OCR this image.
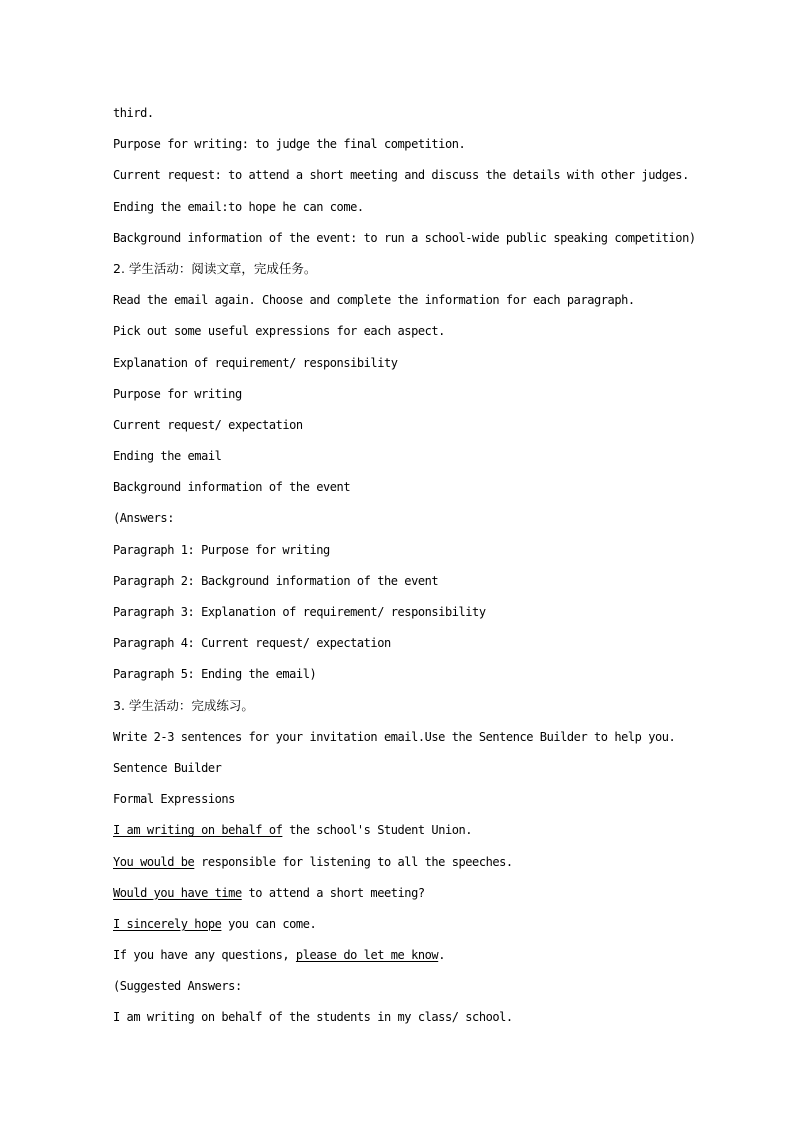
third.
Purpose for writing: to judge the final competition.
Current request: to attend a short meeting and discuss the details with other judges.
Ending the email:to hope he can come.
Background information of the event: to run a school-wide public speaking competition)
2. 学生活动：阅读文章，完成任务。
Read the email again. Choose and complete the information for each paragraph.
Pick out some useful expressions for each aspect.
Explanation of requirement/ responsibility
Purpose for writing
Current request/ expectation
Ending the email
Background information of the event
(Answers:
Paragraph 1: Purpose for writing
Paragraph 2: Background information of the event
Paragraph 3: Explanation of requirement/ responsibility
Paragraph 4: Current request/ expectation
Paragraph 5: Ending the email)
3. 学生活动：完成练习。
Write 2-3 sentences for your invitation email.Use the Sentence Builder to help you.
Sentence Builder
Formal Expressions
I am writing on behalf of the school's Student Union.
You would be responsible for listening to all the speeches.
Would you have time to attend a short meeting?
I sincerely hope you can come.
If you have any questions, please do let me know.
(Suggested Answers:
I am writing on behalf of the students in my class/ school.
